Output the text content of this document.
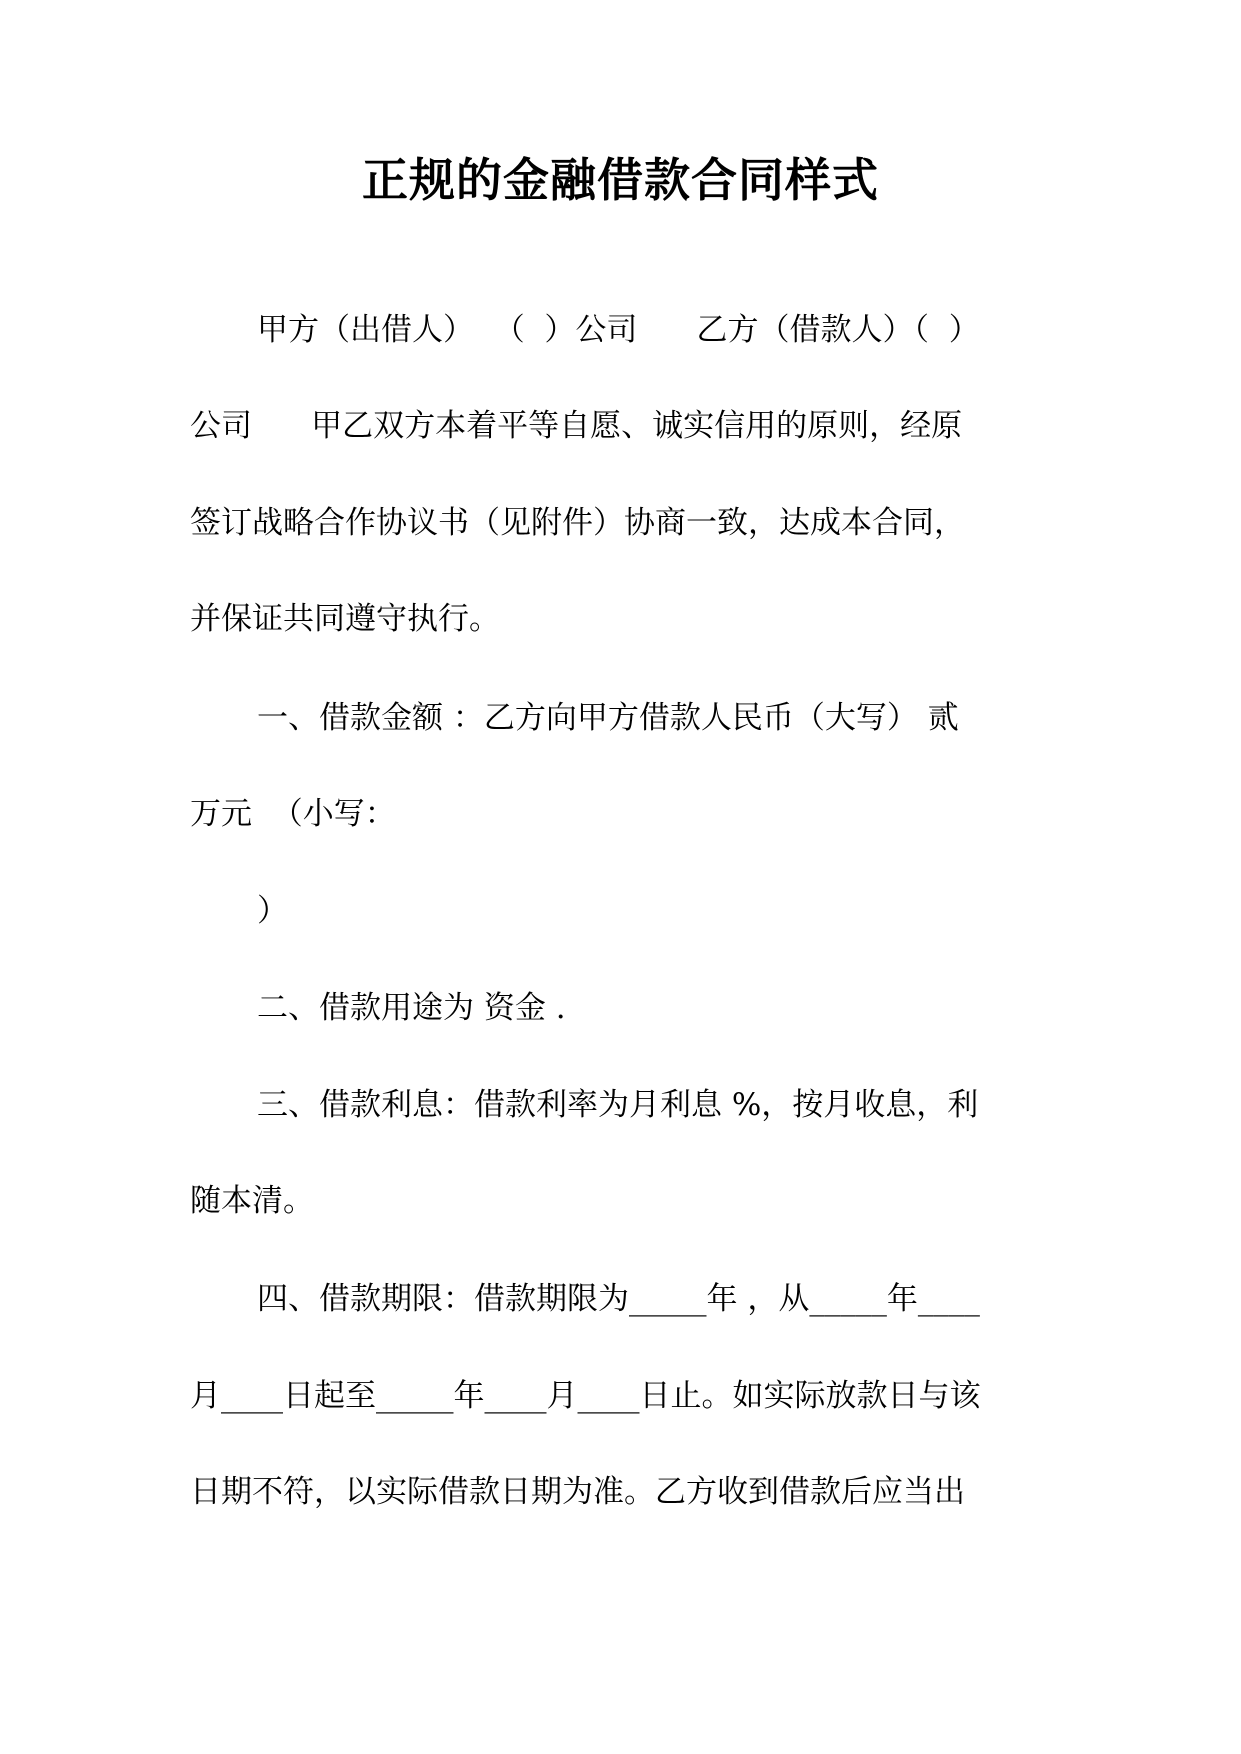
正规的金融借款合同样式

甲方（出借人）  （  ）公司      乙方（借款人）（  ）

公司      甲乙双方本着平等自愿、诚实信用的原则，经原

签订战略合作协议书（见附件）协商一致，达成本合同，

并保证共同遵守执行。

一、借款金额 ：乙方向甲方借款人民币（大写） 贰

万元  （小写：

）

二、借款用途为 资金 .

三、借款利息：借款利率为月利息 %，按月收息，利

随本清。

四、借款期限：借款期限为_____年 ，从_____年____

月____日起至_____年____月____日止。如实际放款日与该

日期不符，以实际借款日期为准。乙方收到借款后应当出
